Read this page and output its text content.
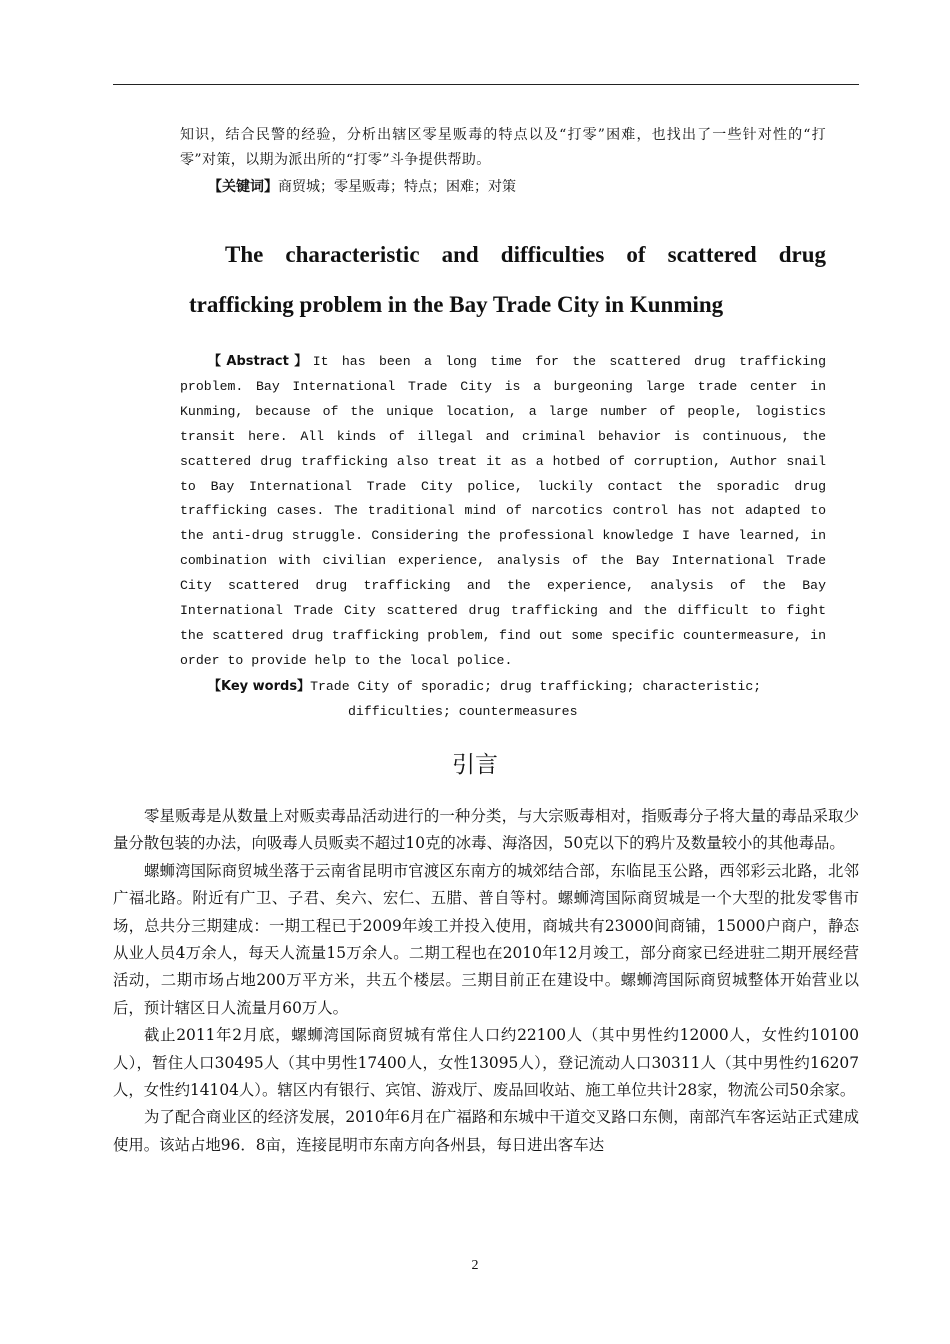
知识，结合民警的经验，分析出辖区零星贩毒的特点以及“打零”困难，也找出了一些针对性的“打零”对策，以期为派出所的“打零”斗争提供帮助。

【关键词】商贸城；零星贩毒；特点；困难；对策
The characteristic and difficulties of scattered drug
trafficking problem in the Bay Trade City in Kunming

【Abstract】It has been a long time for the scattered drug trafficking problem. Bay International Trade City is a burgeoning large trade center in Kunming, because of the unique location, a large number of people, logistics transit here. All kinds of illegal and criminal behavior is continuous, the scattered drug trafficking also treat it as a hotbed of corruption, Author snail to Bay International Trade City police, luckily contact the sporadic drug trafficking cases. The traditional mind of narcotics control has not adapted to the anti-drug struggle. Considering the professional knowledge I have learned, in combination with civilian experience, analysis of the Bay International Trade City scattered drug trafficking and the experience, analysis of the Bay International Trade City scattered drug trafficking and the difficult to fight the scattered drug trafficking problem, find out some specific countermeasure, in order to provide help to the local police.

【Key words】Trade City of sporadic; drug trafficking; characteristic;
difficulties; countermeasures
引言

零星贩毒是从数量上对贩卖毒品活动进行的一种分类，与大宗贩毒相对，指贩毒分子将大量的毒品采取少量分散包装的办法，向吸毒人员贩卖不超过10克的冰毒、海洛因，50克以下的鸦片及数量较小的其他毒品。

螺蛳湾国际商贸城坐落于云南省昆明市官渡区东南方的城郊结合部，东临昆玉公路，西邻彩云北路，北邻广福北路。附近有广卫、子君、矣六、宏仁、五腊、普自等村。螺蛳湾国际商贸城是一个大型的批发零售市场，总共分三期建成：一期工程已于2009年竣工并投入使用，商城共有23000间商铺，15000户商户，静态从业人员4万余人，每天人流量15万余人。二期工程也在2010年12月竣工，部分商家已经进驻二期开展经营活动，二期市场占地200万平方米，共五个楼层。三期目前正在建设中。螺蛳湾国际商贸城整体开始营业以后，预计辖区日人流量月60万人。

截止2011年2月底，螺蛳湾国际商贸城有常住人口约22100人（其中男性约12000人，女性约10100人），暂住人口30495人（其中男性17400人，女性13095人），登记流动人口30311人（其中男性约16207人，女性约14104人）。辖区内有银行、宾馆、游戏厅、废品回收站、施工单位共计28家，物流公司50余家。

为了配合商业区的经济发展，2010年6月在广福路和东城中干道交叉路口东侧，南部汽车客运站正式建成使用。该站占地96．8亩，连接昆明市东南方向各州县，每日进出客车达

2
